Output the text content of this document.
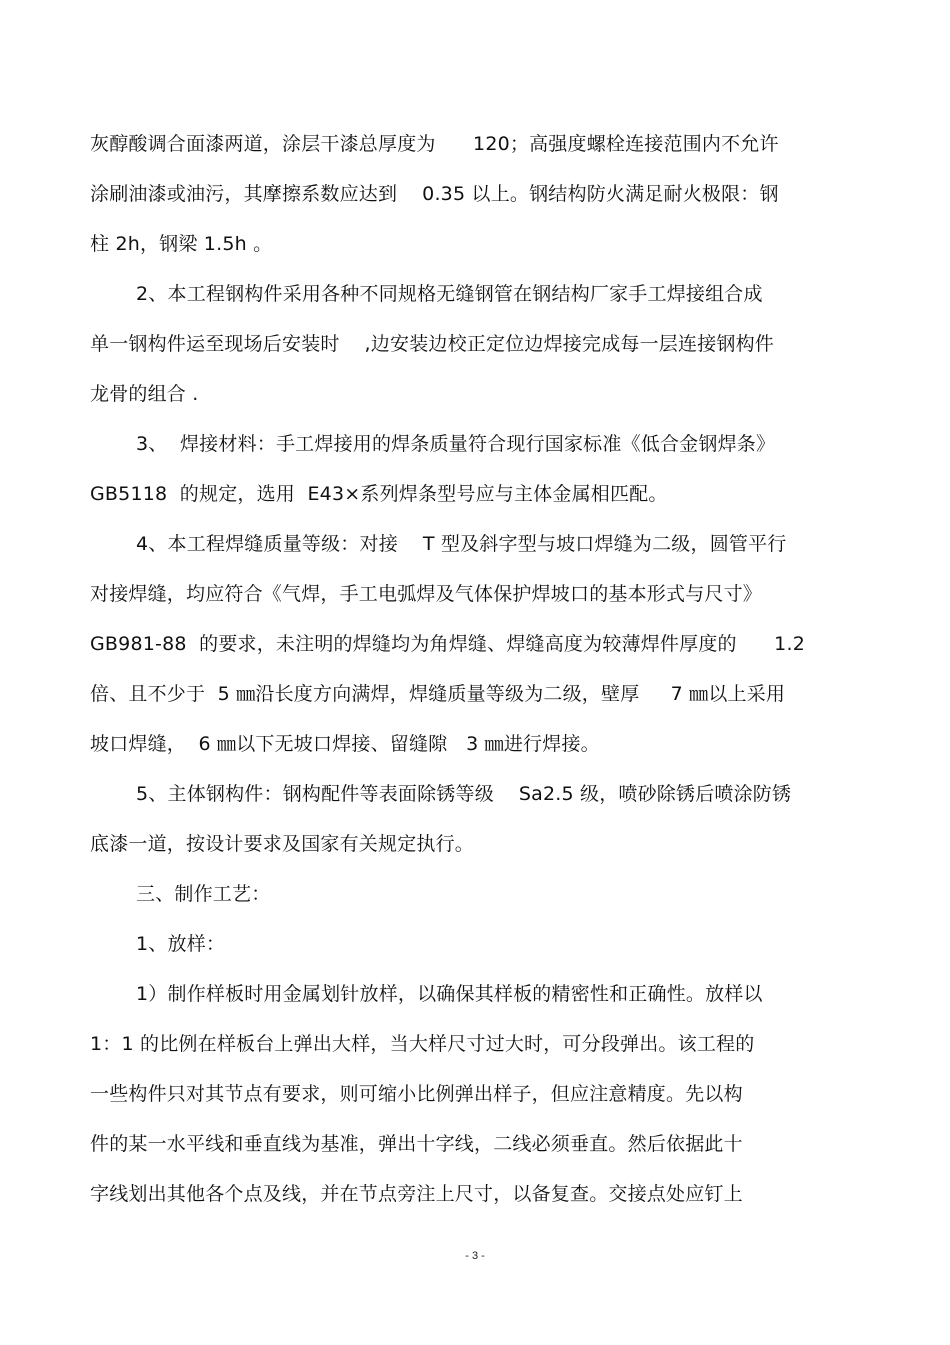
灰醇酸调合面漆两道，涂层干漆总厚度为      120；高强度螺栓连接范围内不允许
涂刷油漆或油污，其摩擦系数应达到    0.35 以上。钢结构防火满足耐火极限：钢
柱 2h，钢梁 1.5h 。
2、本工程钢构件采用各种不同规格无缝钢管在钢结构厂家手工焊接组合成
单一钢构件运至现场后安装时    ,边安装边校正定位边焊接完成每一层连接钢构件
龙骨的组合 .
3、  焊接材料：手工焊接用的焊条质量符合现行国家标准《低合金钢焊条》
GB5118  的规定，选用  E43×系列焊条型号应与主体金属相匹配。
4、本工程焊缝质量等级：对接    T 型及斜字型与坡口焊缝为二级，圆管平行
对接焊缝，均应符合《气焊，手工电弧焊及气体保护焊坡口的基本形式与尺寸》
GB981-88  的要求，未注明的焊缝均为角焊缝、焊缝高度为较薄焊件厚度的      1.2
倍、且不少于  5 ㎜沿长度方向满焊，焊缝质量等级为二级，壁厚     7 ㎜以上采用
坡口焊缝，  6 ㎜以下无坡口焊接、留缝隙   3 ㎜进行焊接。
5、主体钢构件：钢构配件等表面除锈等级    Sa2.5 级，喷砂除锈后喷涂防锈
底漆一道，按设计要求及国家有关规定执行。
三、制作工艺：
1、放样：
1）制作样板时用金属划针放样，以确保其样板的精密性和正确性。放样以
1：1 的比例在样板台上弹出大样，当大样尺寸过大时，可分段弹出。该工程的
一些构件只对其节点有要求，则可缩小比例弹出样子，但应注意精度。先以构
件的某一水平线和垂直线为基准，弹出十字线，二线必须垂直。然后依据此十
字线划出其他各个点及线，并在节点旁注上尺寸，以备复查。交接点处应钉上
- 3 -
